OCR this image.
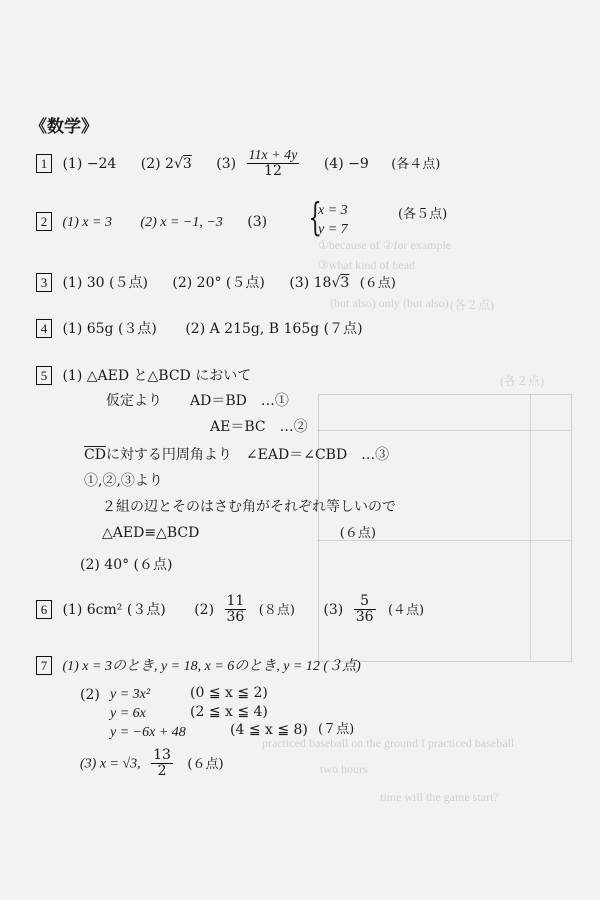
①because of ②for example
③what kind of head
(but also) only (but also) (各２点)
(各２点)
practiced baseball on the ground I practiced baseball
two hours
time will the game start?
《数学》
1 (1) −24 (2) 2√3 $(3) \frac{11x + 4y}{12} (4) -9$ (各４点)
2 (1) x = 3 (2) x = −1, −3 (3) {
x = 3
y = 7
(各５点)
3 (1) 30 (５点) (2) 20° (５点) (3) 18√3 (６点)
4 (1) 65g (３点) (2) A 215g, B 165g (７点)
5 (1) △AED と△BCD において
仮定より　　AD＝BD　…①
AE＝BC　…②
$\overline{CD}$に対する円周角より　∠EAD＝∠CBD　…③
①,②,③より
２組の辺とそのはさむ角がそれぞれ等しいので
△AED≡△BCD	(６点)
(2) 40° (６点)
6 (1) 6cm² (３点) $(2) \frac{11}{36} (8$点) $(3) \frac{5}{36} (4$点)
7 (1) x = 3のとき, y = 18, x = 6のとき, y = 12 (３点)
(2) y = 3x²	(0 ≦ x ≦ 2)
y = 6x	(2 ≦ x ≦ 4)
y = −6x + 48	(4 ≦ x ≦ 8) (７点)
(3) x = √3, $\frac{13}{2} (6$点)
